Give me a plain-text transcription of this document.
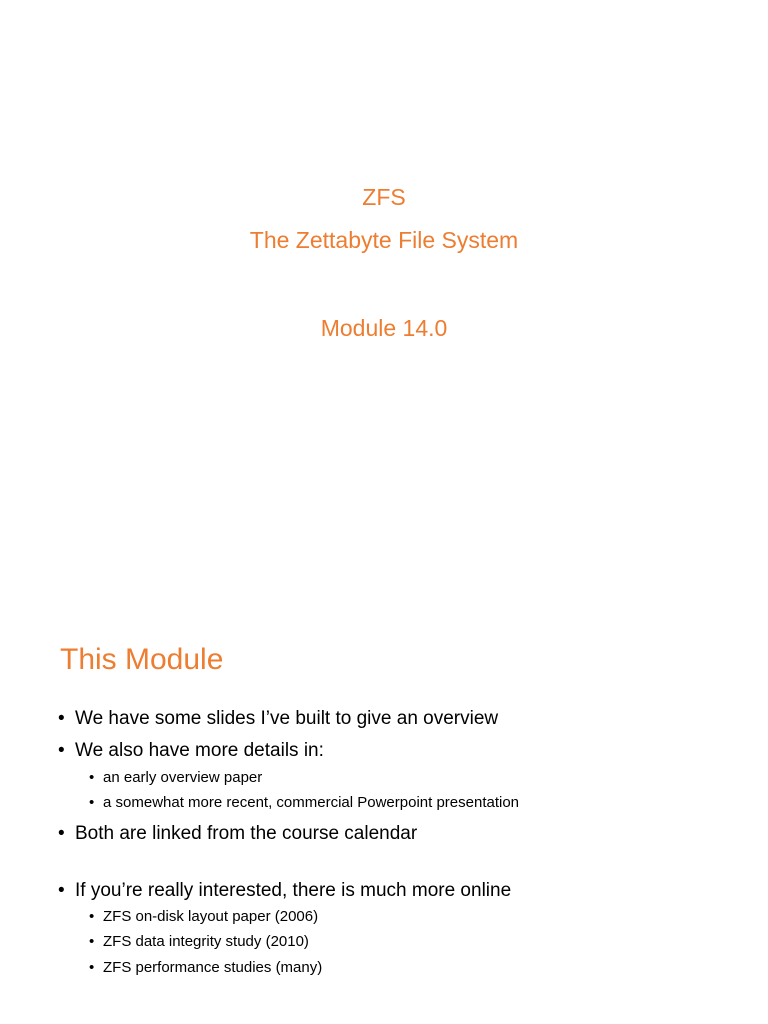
ZFS
The Zettabyte File System
Module 14.0
This Module
• We have some slides I’ve built to give an overview
• We also have more details in:
• an early overview paper
• a somewhat more recent, commercial Powerpoint presentation
• Both are linked from the course calendar
• If you’re really interested, there is much more online
• ZFS on-disk layout paper (2006)
• ZFS data integrity study (2010)
• ZFS performance studies (many)
